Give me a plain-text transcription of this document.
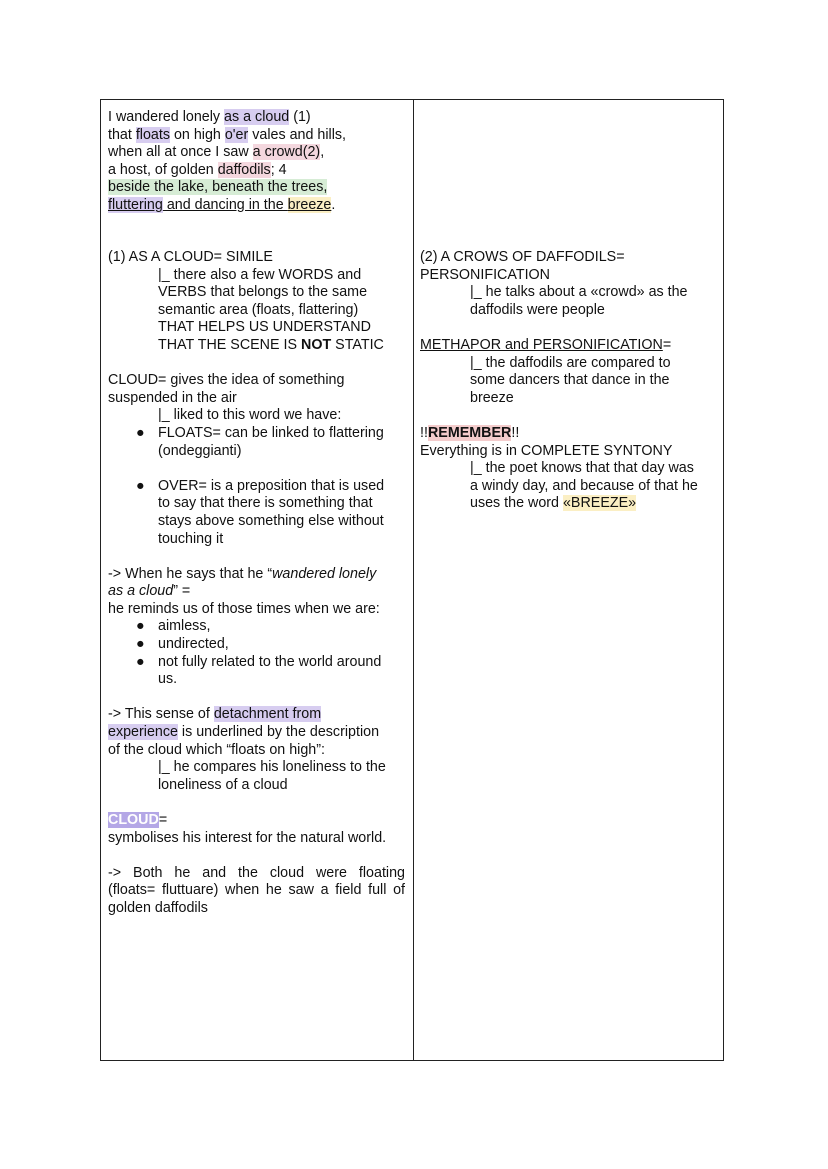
I wandered lonely as a cloud (1)
that floats on high o'er vales and hills,
when all at once I saw a crowd(2),
a host, of golden daffodils; 4
beside the lake, beneath the trees,
fluttering and dancing in the breeze.
(1) AS A CLOUD= SIMILE
|_ there also a few WORDS and
VERBS that belongs to the same
semantic area (floats, flattering)
THAT HELPS US UNDERSTAND
THAT THE SCENE IS NOT STATIC
CLOUD= gives the idea of something
suspended in the air
|_ liked to this word we have:
● FLOATS= can be linked to flattering
(ondeggianti)
● OVER= is a preposition that is used
to say that there is something that
stays above something else without
touching it
-> When he says that he “wandered lonely
as a cloud” =
he reminds us of those times when we are:
● aimless,
● undirected,
● not fully related to the world around
us.
-> This sense of detachment from
experience is underlined by the description
of the cloud which “floats on high”:
|_ he compares his loneliness to the
loneliness of a cloud
CLOUD=
symbolises his interest for the natural world.
-> Both he and the cloud were floating
(floats= fluttuare) when he saw a field full of
golden daffodils
(2) A CROWS OF DAFFODILS=
PERSONIFICATION
|_ he talks about a «crowd» as the
daffodils were people
METHAPOR and PERSONIFICATION=
|_ the daffodils are compared to
some dancers that dance in the
breeze
!!REMEMBER!!
Everything is in COMPLETE SYNTONY
|_ the poet knows that that day was
a windy day, and because of that he
uses the word «BREEZE»
